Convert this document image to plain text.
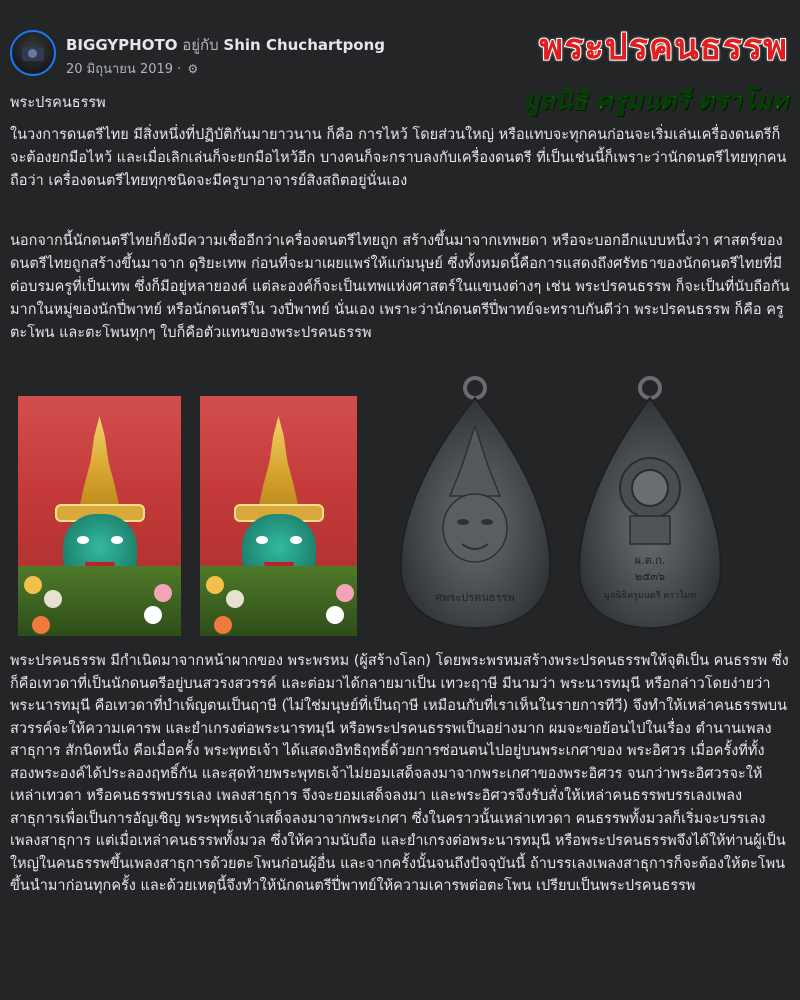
BIGGYPHOTO อยู่กับ Shin Chuchartpong
20 มิถุนายน 2019 · ⚙
พระปรคนธรรพ
มูลนิธิ ครูมนตรี ตราโมท
พระปรคนธรรพ
ในวงการดนตรีไทย มีสิ่งหนึ่งที่ปฏิบัติกันมายาวนาน ก็คือ การไหว้ โดยส่วนใหญ่ หรือแทบจะทุกคนก่อนจะเริ่มเล่นเครื่องดนตรีก็จะต้องยกมือไหว้ และเมื่อเลิกเล่นก็จะยกมือไหว้อีก บางคนก็จะกราบลงกับเครื่องดนตรี ที่เป็นเช่นนี้ก็เพราะว่านักดนตรีไทยทุกคนถือว่า เครื่องดนตรีไทยทุกชนิดจะมีครูบาอาจารย์สิงสถิตอยู่นั่นเอง
นอกจากนี้นักดนตรีไทยก็ยังมีความเชื่ออีกว่าเครื่องดนตรีไทยถูก สร้างขึ้นมาจากเทพยดา หรือจะบอกอีกแบบหนึ่งว่า ศาสตร์ของดนตรีไทยถูกสร้างขึ้นมาจาก ดุริยะเทพ ก่อนที่จะมาเผยแพร่ให้แก่มนุษย์ ซึ่งทั้งหมดนี้คือการแสดงถึงศรัทธาของนักดนตรีไทยที่มีต่อบรมครูที่เป็นเทพ ซึ่งก็มีอยู่หลายองค์ แต่ละองค์ก็จะเป็นเทพแห่งศาสตร์ในแขนงต่างๆ เช่น พระปรคนธรรพ ก็จะเป็นที่นับถือกันมากในหมู่ของนักปี่พาทย์ หรือนักดนตรีใน วงปี่พาทย์ นั่นเอง เพราะว่านักดนตรีปี่พาทย์จะทราบกันดีว่า พระปรคนธรรพ ก็คือ ครูตะโพน และตะโพนทุกๆ ใบก็คือตัวแทนของพระปรคนธรรพ
ศพระปรคนธรรพ
ผ.ต.ก.
๒๕๓๖
มูลนิธิครูมนตรี ตราโมท
พระปรคนธรรพ มีกำเนิดมาจากหน้าผากของ พระพรหม (ผู้สร้างโลก) โดยพระพรหมสร้างพระปรคนธรรพให้จุติเป็น คนธรรพ ซึ่งก็คือเทวดาที่เป็นนักดนตรีอยู่บนสวรงสวรรค์ และต่อมาได้กลายมาเป็น เทวะฤาษี มีนามว่า พระนารทมุนี หรือกล่าวโดยง่ายว่า พระนารทมุนี คือเทวดาที่บำเพ็ญตนเป็นฤาษี (ไม่ใช่มนุษย์ที่เป็นฤาษี เหมือนกับที่เราเห็นในรายการทีวี) จึงทำให้เหล่าคนธรรพบนสวรรค์จะให้ความเคารพ และยำเกรงต่อพระนารทมุนี หรือพระปรคนธรรพเป็นอย่างมาก ผมจะขอย้อนไปในเรื่อง ตำนานเพลงสาธุการ สักนิดหนึ่ง คือเมื่อครั้ง พระพุทธเจ้า ได้แสดงอิทธิฤทธิ์ด้วยการซ่อนตนไปอยู่บนพระเกศาของ พระอิศวร เมื่อครั้งที่ทั้งสองพระองค์ได้ประลองฤทธิ์กัน และสุดท้ายพระพุทธเจ้าไม่ยอมเสด็จลงมาจากพระเกศาของพระอิศวร จนกว่าพระอิศวรจะให้เหล่าเทวดา หรือคนธรรพบรรเลง เพลงสาธุการ จึงจะยอมเสด็จลงมา และพระอิศวรจึงรับสั่งให้เหล่าคนธรรพบรรเลงเพลงสาธุการเพื่อเป็นการอัญเชิญ พระพุทธเจ้าเสด็จลงมาจากพระเกศา ซึ่งในคราวนั้นเหล่าเทวดา คนธรรพทั้งมวลก็เริ่มจะบรรเลงเพลงสาธุการ แต่เมื่อเหล่าคนธรรพทั้งมวล ซึ่งให้ความนับถือ และยำเกรงต่อพระนารทมุนี หรือพระปรคนธรรพจึงได้ให้ท่านผู้เป็นใหญ่ในคนธรรพขึ้นเพลงสาธุการด้วยตะโพนก่อนผู้อื่น และจากครั้งนั้นจนถึงปัจจุบันนี้ ถ้าบรรเลงเพลงสาธุการก็จะต้องให้ตะโพนขึ้นนำมาก่อนทุกครั้ง และด้วยเหตุนี้จึงทำให้นักดนตรีปี่พาทย์ให้ความเคารพต่อตะโพน เปรียบเป็นพระปรคนธรรพ
